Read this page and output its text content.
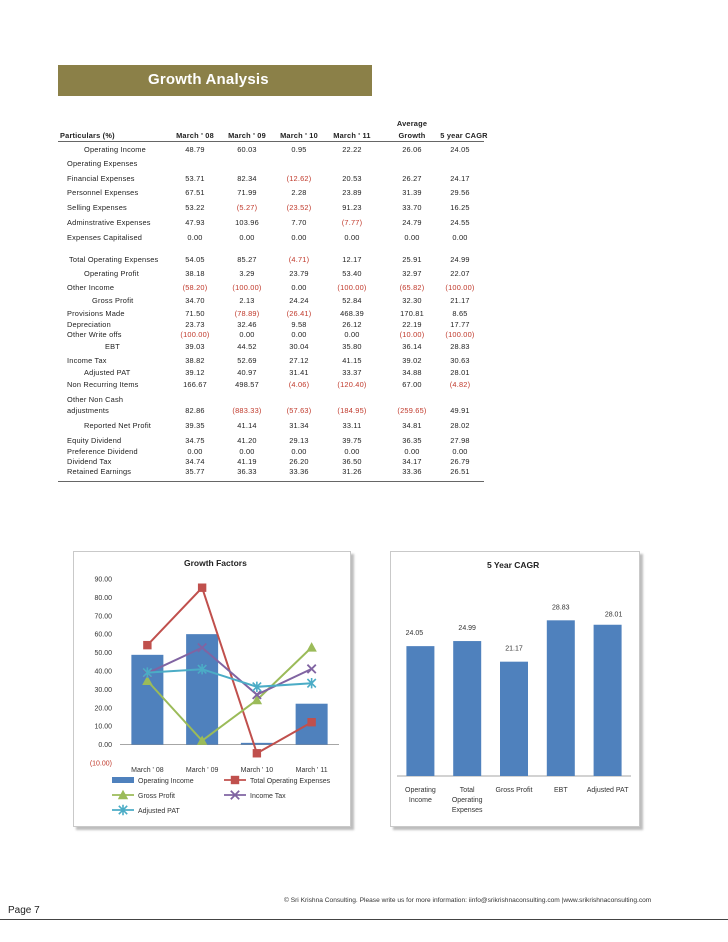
Growth Analysis
Particulars (%)
Average
March ' 08	March ' 09	March ' 10	March ' 11	Growth	5 year CAGR
Operating Income	48.79	60.03	0.95	22.22	26.06	24.05
Operating Expenses
Financial Expenses	53.71	82.34	(12.62)	20.53	26.27	24.17
Personnel Expenses	67.51	71.99	2.28	23.89	31.39	29.56
Selling Expenses	53.22	(5.27)	(23.52)	91.23	33.70	16.25
Adminstrative Expenses	47.93	103.96	7.70	(7.77)	24.79	24.55
Expenses Capitalised	0.00	0.00	0.00	0.00	0.00	0.00
Total Operating Expenses	54.05	85.27	(4.71)	12.17	25.91	24.99
Operating Profit	38.18	3.29	23.79	53.40	32.97	22.07
Other Income	(58.20)	(100.00)	0.00	(100.00)	(65.82)	(100.00)
Gross Profit	34.70	2.13	24.24	52.84	32.30	21.17
Provisions Made	71.50	(78.89)	(26.41)	468.39	170.81	8.65
Depreciation	23.73	32.46	9.58	26.12	22.19	17.77
Other Write offs	(100.00)	0.00	0.00	0.00	(10.00)	(100.00)
EBT	39.03	44.52	30.04	35.80	36.14	28.83
Income Tax	38.82	52.69	27.12	41.15	39.02	30.63
Adjusted PAT	39.12	40.97	31.41	33.37	34.88	28.01
Non Recurring Items	166.67	498.57	(4.06)	(120.40)	67.00	(4.82)
Other Non Cash
adjustments	82.86	(883.33)	(57.63)	(184.95)	(259.65)	49.91
Reported Net Profit	39.35	41.14	31.34	33.11	34.81	28.02
Equity Dividend	34.75	41.20	29.13	39.75	36.35	27.98
Preference Dividend	0.00	0.00	0.00	0.00	0.00	0.00
Dividend Tax	34.74	41.19	26.20	36.50	34.17	26.79
Retained Earnings	35.77	36.33	33.36	31.26	33.36	26.51
Growth Factors
90.00
80.00
70.00
60.00
50.00
40.00
30.00
20.00
10.00
0.00
(10.00)
March ' 08	March ' 09	March ' 10	March ' 11
Operating Income	Total Operating Expenses
Gross Profit	Income Tax
Adjusted PAT
5 Year CAGR
24.05
24.99
21.17
28.83
28.01
Operating
Income
Total
Operating
Expenses
Gross Profit	EBT	Adjusted PAT
© Sri Krishna Consulting. Please write us for more information: iinfo@srikrishnaconsulting.com |www.srikrishnaconsulting.com
Page 7
